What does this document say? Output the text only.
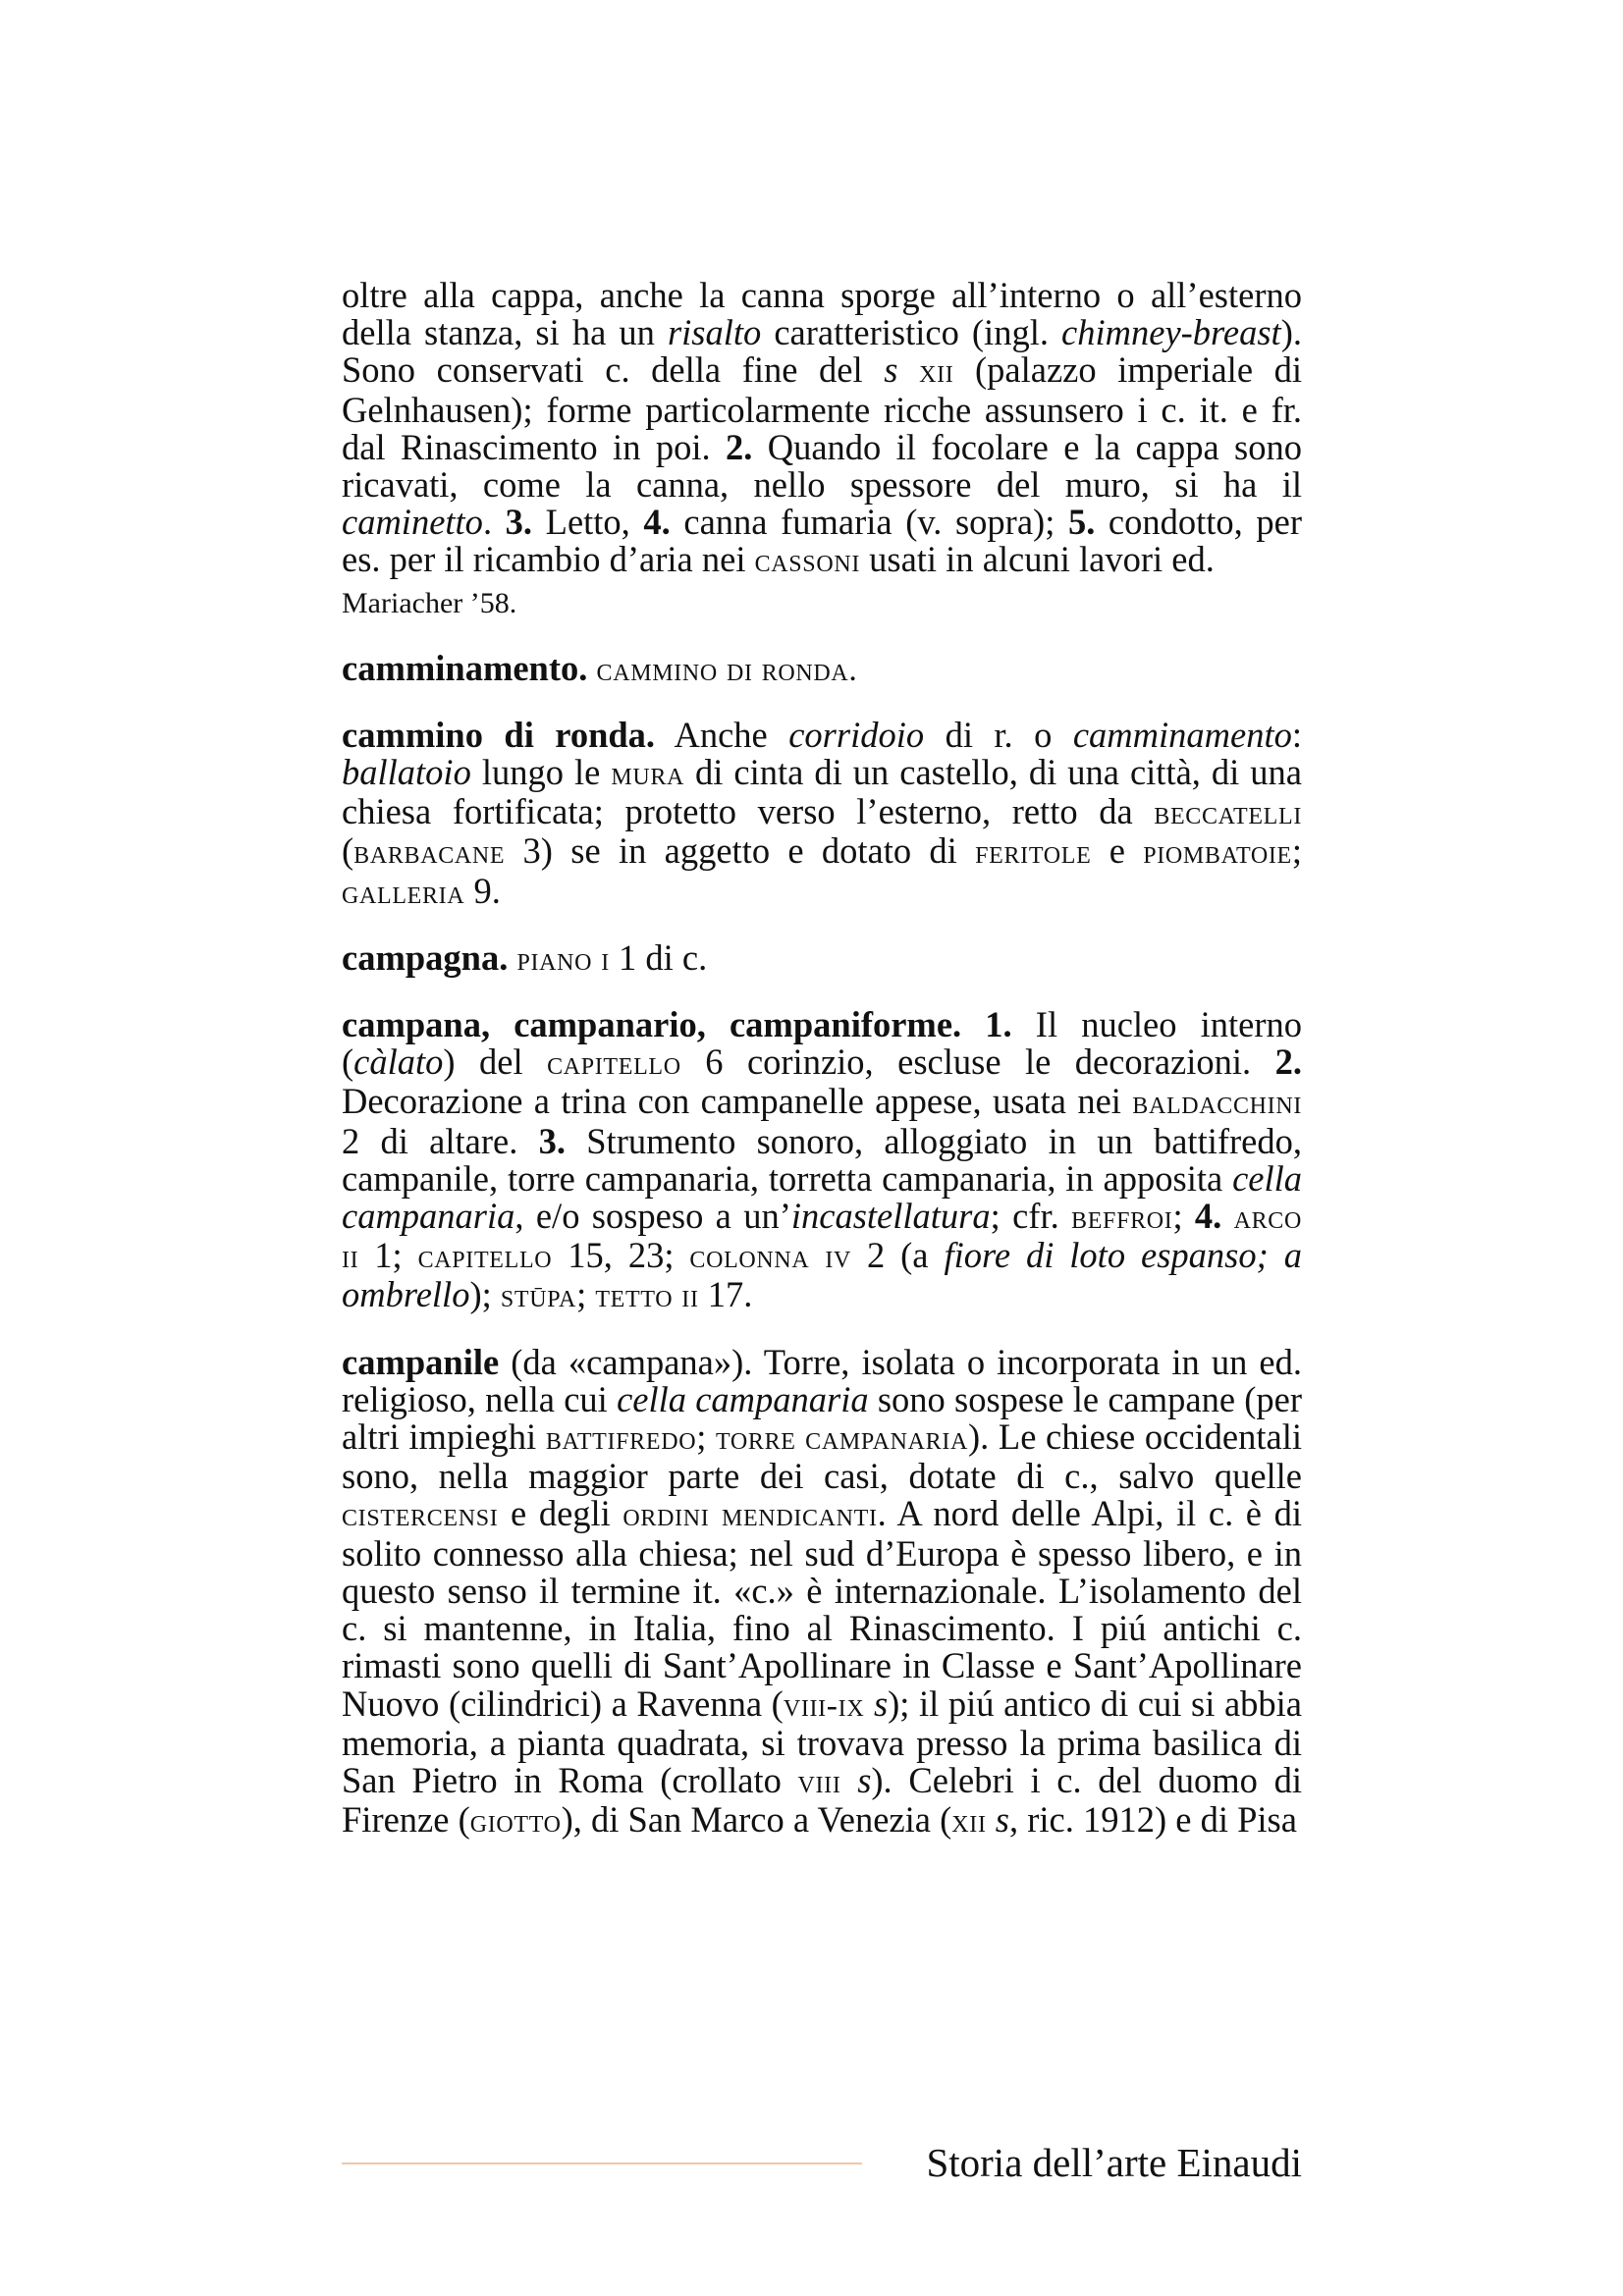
oltre alla cappa, anche la canna sporge all’interno o all’esterno della stanza, si ha un risalto caratteristico (ingl. chimney-breast). Sono conservati c. della fine del s xii (palazzo imperiale di Gelnhausen); forme particolarmente ricche assunsero i c. it. e fr. dal Rinascimento in poi. 2. Quando il focolare e la cappa sono ricavati, come la canna, nello spessore del muro, si ha il caminetto. 3. Letto, 4. canna fumaria (v. sopra); 5. condotto, per es. per il ricambio d’aria nei cassoni usati in alcuni lavori ed.

Mariacher ’58.

camminamento. cammino di ronda.

cammino di ronda. Anche corridoio di r. o camminamento: ballatoio lungo le mura di cinta di un castello, di una città, di una chiesa fortificata; protetto verso l’esterno, retto da beccatelli (barbacane 3) se in aggetto e dotato di feritole e piombatoie; galleria 9.

campagna. piano i 1 di c.

campana, campanario, campaniforme. 1. Il nucleo interno (càlato) del capitello 6 corinzio, escluse le decorazioni. 2. Decorazione a trina con campanelle appese, usata nei baldacchini 2 di altare. 3. Strumento sonoro, alloggiato in un battifredo, campanile, torre campanaria, torretta campanaria, in apposita cella campanaria, e/o sospeso a un’incastellatura; cfr. beffroi; 4. arco ii 1; capitello 15, 23; colonna iv 2 (a fiore di loto espanso; a ombrello); stūpa; tetto ii 17.

campanile (da «campana»). Torre, isolata o incorporata in un ed. religioso, nella cui cella campanaria sono sospese le campane (per altri impieghi battifredo; torre campanaria). Le chiese occidentali sono, nella maggior parte dei casi, dotate di c., salvo quelle cistercensi e degli ordini mendicanti. A nord delle Alpi, il c. è di solito connesso alla chiesa; nel sud d’Europa è spesso libero, e in questo senso il termine it. «c.» è internazionale. L’isolamento del c. si mantenne, in Italia, fino al Rinascimento. I piú antichi c. rimasti sono quelli di Sant’Apollinare in Classe e Sant’Apollinare Nuovo (cilindrici) a Ravenna (viii-ix s); il piú antico di cui si abbia memoria, a pianta quadrata, si trovava presso la prima basilica di San Pietro in Roma (crollato viii s). Celebri i c. del duomo di Firenze (giotto), di San Marco a Venezia (xii s, ric. 1912) e di Pisa

Storia dell’arte Einaudi
